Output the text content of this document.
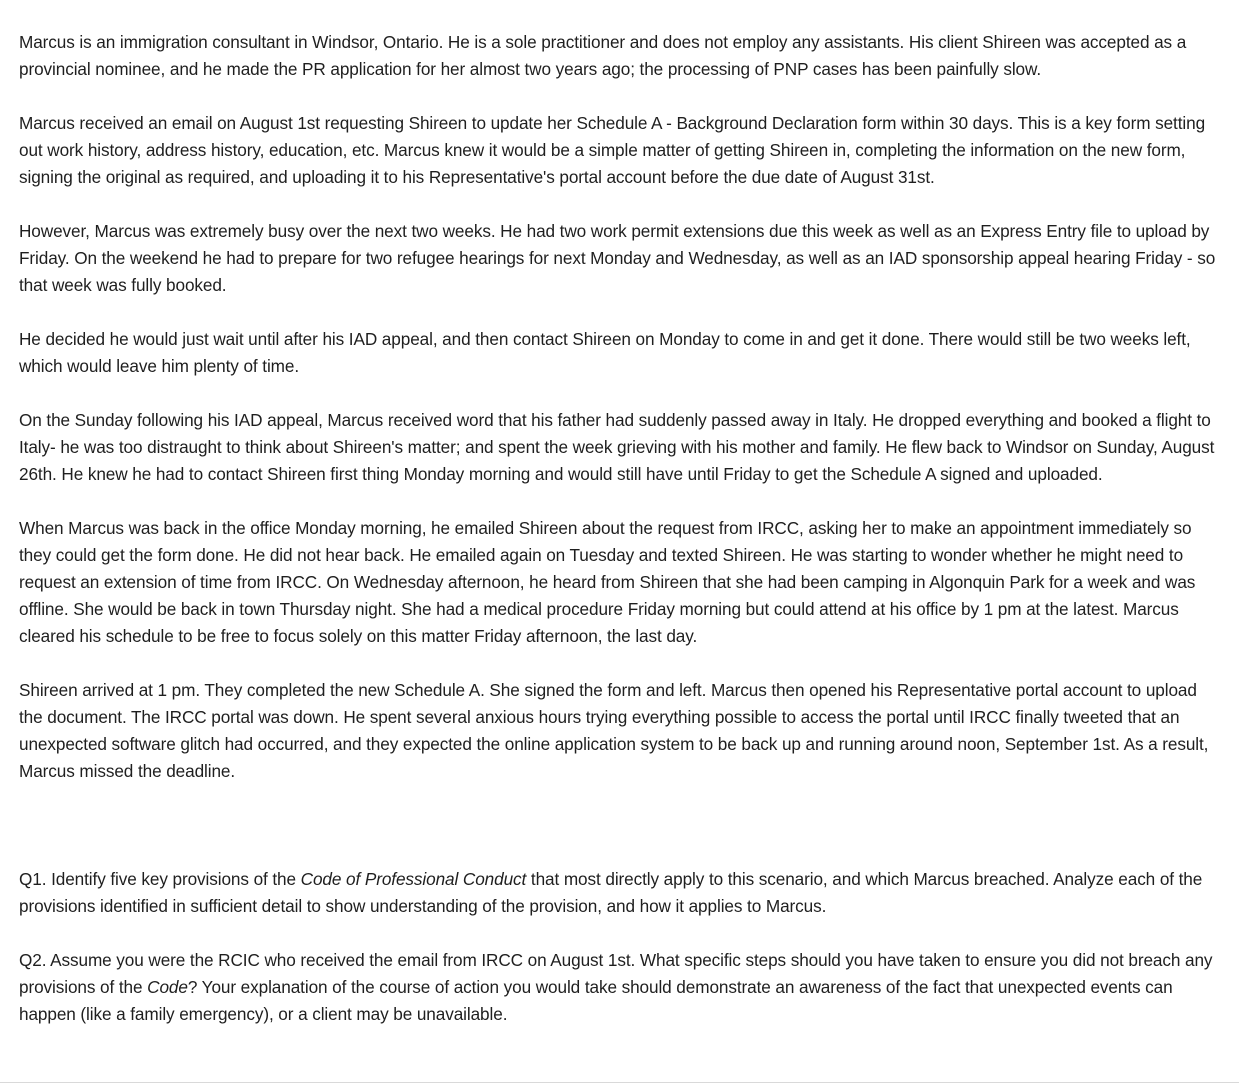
Marcus is an immigration consultant in Windsor, Ontario. He is a sole practitioner and does not employ any assistants. His client Shireen was accepted as a provincial nominee, and he made the PR application for her almost two years ago; the processing of PNP cases has been painfully slow.

Marcus received an email on August 1st requesting Shireen to update her Schedule A - Background Declaration form within 30 days. This is a key form setting out work history, address history, education, etc. Marcus knew it would be a simple matter of getting Shireen in, completing the information on the new form, signing the original as required, and uploading it to his Representative's portal account before the due date of August 31st.

However, Marcus was extremely busy over the next two weeks. He had two work permit extensions due this week as well as an Express Entry file to upload by Friday. On the weekend he had to prepare for two refugee hearings for next Monday and Wednesday, as well as an IAD sponsorship appeal hearing Friday - so that week was fully booked.

He decided he would just wait until after his IAD appeal, and then contact Shireen on Monday to come in and get it done. There would still be two weeks left, which would leave him plenty of time.

On the Sunday following his IAD appeal, Marcus received word that his father had suddenly passed away in Italy. He dropped everything and booked a flight to Italy- he was too distraught to think about Shireen's matter; and spent the week grieving with his mother and family. He flew back to Windsor on Sunday, August 26th. He knew he had to contact Shireen first thing Monday morning and would still have until Friday to get the Schedule A signed and uploaded.

When Marcus was back in the office Monday morning, he emailed Shireen about the request from IRCC, asking her to make an appointment immediately so they could get the form done. He did not hear back. He emailed again on Tuesday and texted Shireen. He was starting to wonder whether he might need to request an extension of time from IRCC. On Wednesday afternoon, he heard from Shireen that she had been camping in Algonquin Park for a week and was offline. She would be back in town Thursday night. She had a medical procedure Friday morning but could attend at his office by 1 pm at the latest. Marcus cleared his schedule to be free to focus solely on this matter Friday afternoon, the last day.

Shireen arrived at 1 pm. They completed the new Schedule A. She signed the form and left. Marcus then opened his Representative portal account to upload the document. The IRCC portal was down. He spent several anxious hours trying everything possible to access the portal until IRCC finally tweeted that an unexpected software glitch had occurred, and they expected the online application system to be back up and running around noon, September 1st. As a result, Marcus missed the deadline.

Q1. Identify five key provisions of the Code of Professional Conduct that most directly apply to this scenario, and which Marcus breached. Analyze each of the provisions identified in sufficient detail to show understanding of the provision, and how it applies to Marcus.

Q2. Assume you were the RCIC who received the email from IRCC on August 1st. What specific steps should you have taken to ensure you did not breach any provisions of the Code? Your explanation of the course of action you would take should demonstrate an awareness of the fact that unexpected events can happen (like a family emergency), or a client may be unavailable.
